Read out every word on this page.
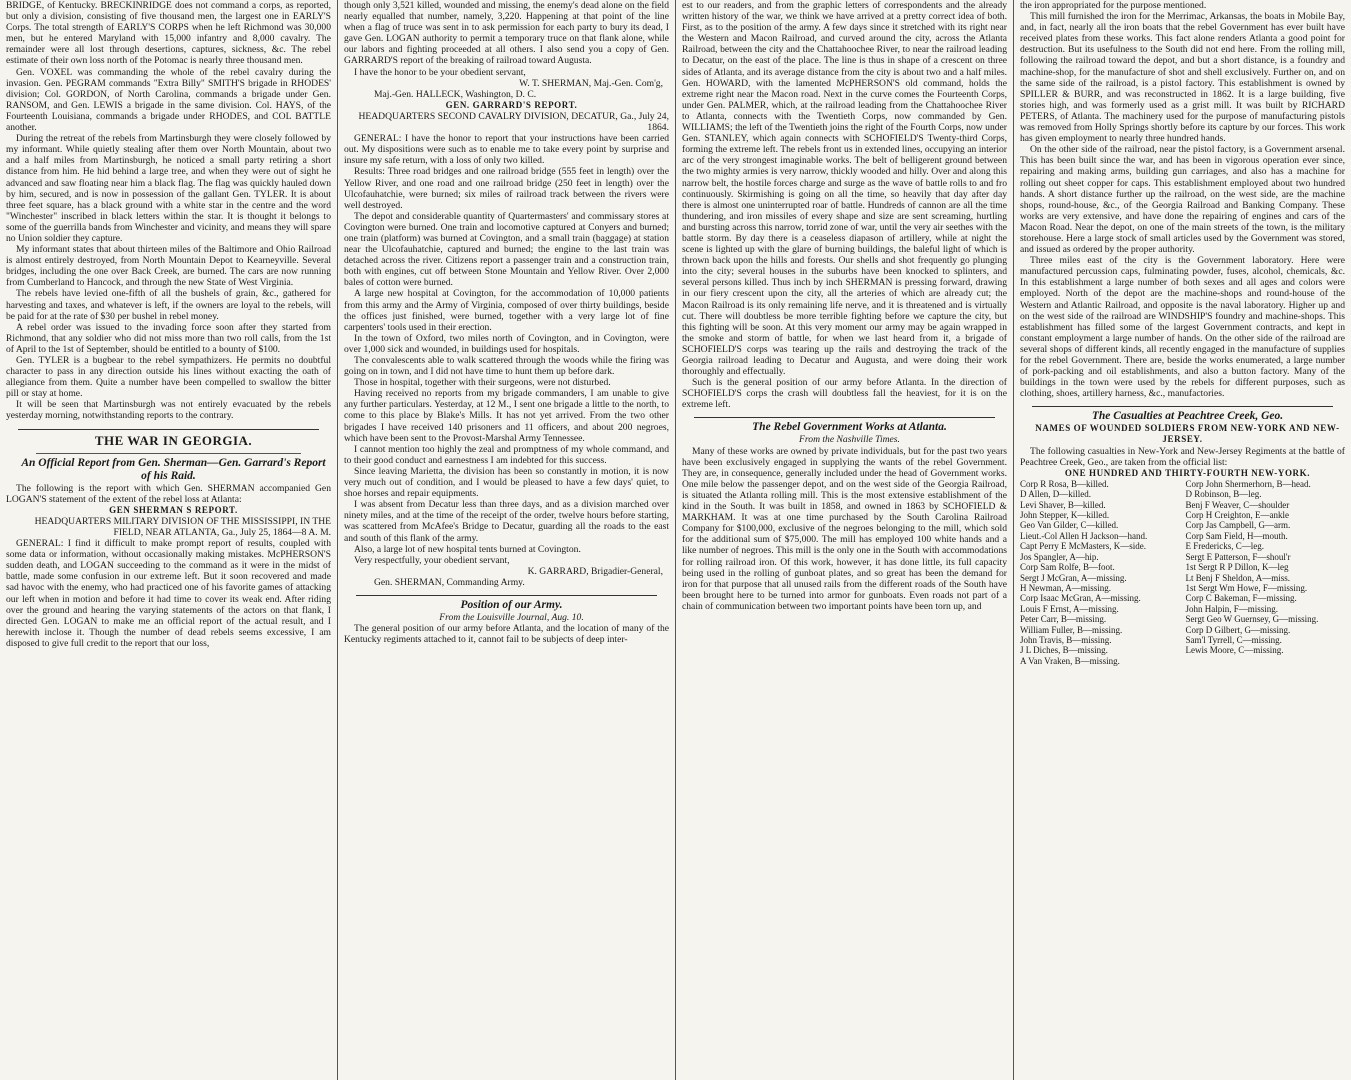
BRIDGE, of Kentucky. BRECKINRIDGE does not command a corps, as reported, but only a division, consisting of five thousand men, the largest one in EARLY'S Corps. The total strength of EARLY'S CORPS when he left Richmond was 30,000 men, but he entered Maryland with 15,000 infantry and 8,000 cavalry. The remainder were all lost through desertions, captures, sickness, &c. The rebel estimate of their own loss north of the Potomac is nearly three thousand men.

Gen. VOXEL was commanding the whole of the rebel cavalry during the invasion. Gen. PEGRAM commands "Extra Billy" SMITH'S brigade in RHODES' division; Col. GORDON, of North Carolina, commands a brigade under Gen. RANSOM, and Gen. LEWIS a brigade in the same division. Col. HAYS, of the Fourteenth Louisiana, commands a brigade under RHODES, and COL BATTLE another.

During the retreat of the rebels from Martinsburgh they were closely followed by my informant. While quietly stealing after them over North Mountain, about two and a half miles from Martinsburgh, he noticed a small party retiring a short distance from him. He hid behind a large tree, and when they were out of sight he advanced and saw floating near him a black flag. The flag was quickly hauled down by him, secured, and is now in possession of the gallant Gen. TYLER. It is about three feet square, has a black ground with a white star in the centre and the word "Winchester" inscribed in black letters within the star. It is thought it belongs to some of the guerrilla bands from Winchester and vicinity, and means they will spare no Union soldier they capture.

My informant states that about thirteen miles of the Baltimore and Ohio Railroad is almost entirely destroyed, from North Mountain Depot to Kearneyville. Several bridges, including the one over Back Creek, are burned. The cars are now running from Cumberland to Hancock, and through the new State of West Virginia.

The rebels have levied one-fifth of all the bushels of grain, &c., gathered for harvesting and taxes, and whatever is left, if the owners are loyal to the rebels, will be paid for at the rate of $30 per bushel in rebel money.

A rebel order was issued to the invading force soon after they started from Richmond, that any soldier who did not miss more than two roll calls, from the 1st of April to the 1st of September, should be entitled to a bounty of $100.

Gen. TYLER is a bugbear to the rebel sympathizers. He permits no doubtful character to pass in any direction outside his lines without exacting the oath of allegiance from them. Quite a number have been compelled to swallow the bitter pill or stay at home.

It will be seen that Martinsburgh was not entirely evacuated by the rebels yesterday morning, notwithstanding reports to the contrary.

THE WAR IN GEORGIA.

An Official Report from Gen. Sherman—Gen. Garrard's Report of his Raid.

The following is the report with which Gen. SHERMAN accompanied Gen LOGAN'S statement of the extent of the rebel loss at Atlanta:

GEN SHERMAN S REPORT.

HEADQUARTERS MILITARY DIVISION OF THE MISSISSIPPI, IN THE FIELD, NEAR ATLANTA, Ga., July 25, 1864—8 A. M.

GENERAL: I find it difficult to make prompt report of results, coupled with some data or information, without occasionally making mistakes. McPHERSON'S sudden death, and LOGAN succeeding to the command as it were in the midst of battle, made some confusion in our extreme left. But it soon recovered and made sad havoc with the enemy, who had practiced one of his favorite games of attacking our left when in motion and before it had time to cover its weak end. After riding over the ground and hearing the varying statements of the actors on that flank, I directed Gen. LOGAN to make me an official report of the actual result, and I herewith inclose it. Though the number of dead rebels seems excessive, I am disposed to give full credit to the report that our loss,

though only 3,521 killed, wounded and missing, the enemy's dead alone on the field nearly equalled that number, namely, 3,220. Happening at that point of the line when a flag of truce was sent in to ask permission for each party to bury its dead, I gave Gen. LOGAN authority to permit a temporary truce on that flank alone, while our labors and fighting proceeded at all others. I also send you a copy of Gen. GARRARD'S report of the breaking of railroad toward Augusta.

I have the honor to be your obedient servant,

W. T. SHERMAN, Maj.-Gen. Com'g,

Maj.-Gen. HALLECK, Washington, D. C.

GEN. GARRARD'S REPORT.

HEADQUARTERS SECOND CAVALRY DIVISION, DECATUR, Ga., July 24, 1864.

GENERAL: I have the honor to report that your instructions have been carried out. My dispositions were such as to enable me to take every point by surprise and insure my safe return, with a loss of only two killed.

Results: Three road bridges and one railroad bridge (555 feet in length) over the Yellow River, and one road and one railroad bridge (250 feet in length) over the Ulcofauhatchie, were burned; six miles of railroad track between the rivers were well destroyed.

The depot and considerable quantity of Quartermasters' and commissary stores at Covington were burned. One train and locomotive captured at Conyers and burned; one train (platform) was burned at Covington, and a small train (baggage) at station near the Ulcofauhatchie, captured and burned; the engine to the last train was detached across the river. Citizens report a passenger train and a construction train, both with engines, cut off between Stone Mountain and Yellow River. Over 2,000 bales of cotton were burned.

A large new hospital at Covington, for the accommodation of 10,000 patients from this army and the Army of Virginia, composed of over thirty buildings, beside the offices just finished, were burned, together with a very large lot of fine carpenters' tools used in their erection.

In the town of Oxford, two miles north of Covington, and in Covington, were over 1,000 sick and wounded, in buildings used for hospitals.

The convalescents able to walk scattered through the woods while the firing was going on in town, and I did not have time to hunt them up before dark.

Those in hospital, together with their surgeons, were not disturbed.

Having received no reports from my brigade commanders, I am unable to give any further particulars. Yesterday, at 12 M., I sent one brigade a little to the north, to come to this place by Blake's Mills. It has not yet arrived. From the two other brigades I have received 140 prisoners and 11 officers, and about 200 negroes, which have been sent to the Provost-Marshal Army Tennessee.

I cannot mention too highly the zeal and promptness of my whole command, and to their good conduct and earnestness I am indebted for this success.

Since leaving Marietta, the division has been so constantly in motion, it is now very much out of condition, and I would be pleased to have a few days' quiet, to shoe horses and repair equipments.

I was absent from Decatur less than three days, and as a division marched over ninety miles, and at the time of the receipt of the order, twelve hours before starting, was scattered from McAfee's Bridge to Decatur, guarding all the roads to the east and south of this flank of the army.

Also, a large lot of new hospital tents burned at Covington.

Very respectfully, your obedient servant,

K. GARRARD, Brigadier-General,

Gen. SHERMAN, Commanding Army.

Position of our Army.

From the Louisville Journal, Aug. 10.

The general position of our army before Atlanta, and the location of many of the Kentucky regiments attached to it, cannot fail to be subjects of deep inter-

est to our readers, and from the graphic letters of correspondents and the already written history of the war, we think we have arrived at a pretty correct idea of both. First, as to the position of the army. A few days since it stretched with its right near the Western and Macon Railroad, and curved around the city, across the Atlanta Railroad, between the city and the Chattahoochee River, to near the railroad leading to Decatur, on the east of the place. The line is thus in shape of a crescent on three sides of Atlanta, and its average distance from the city is about two and a half miles. Gen. HOWARD, with the lamented McPHERSON'S old command, holds the extreme right near the Macon road. Next in the curve comes the Fourteenth Corps, under Gen. PALMER, which, at the railroad leading from the Chattahoochee River to Atlanta, connects with the Twentieth Corps, now commanded by Gen. WILLIAMS; the left of the Twentieth joins the right of the Fourth Corps, now under Gen. STANLEY, which again connects with SCHOFIELD'S Twenty-third Corps, forming the extreme left. The rebels front us in extended lines, occupying an interior arc of the very strongest imaginable works. The belt of belligerent ground between the two mighty armies is very narrow, thickly wooded and hilly. Over and along this narrow belt, the hostile forces charge and surge as the wave of battle rolls to and fro continuously. Skirmishing is going on all the time, so heavily that day after day there is almost one uninterrupted roar of battle. Hundreds of cannon are all the time thundering, and iron missiles of every shape and size are sent screaming, hurtling and bursting across this narrow, torrid zone of war, until the very air seethes with the battle storm. By day there is a ceaseless diapason of artillery, while at night the scene is lighted up with the glare of burning buildings, the baleful light of which is thrown back upon the hills and forests. Our shells and shot frequently go plunging into the city; several houses in the suburbs have been knocked to splinters, and several persons killed. Thus inch by inch SHERMAN is pressing forward, drawing in our fiery crescent upon the city, all the arteries of which are already cut; the Macon Railroad is its only remaining life nerve, and it is threatened and is virtually cut. There will doubtless be more terrible fighting before we capture the city, but this fighting will be soon. At this very moment our army may be again wrapped in the smoke and storm of battle, for when we last heard from it, a brigade of SCHOFIELD'S corps was tearing up the rails and destroying the track of the Georgia railroad leading to Decatur and Augusta, and were doing their work thoroughly and effectually.

Such is the general position of our army before Atlanta. In the direction of SCHOFIELD'S corps the crash will doubtless fall the heaviest, for it is on the extreme left.

The Rebel Government Works at Atlanta.

From the Nashville Times.

Many of these works are owned by private individuals, but for the past two years have been exclusively engaged in supplying the wants of the rebel Government. They are, in consequence, generally included under the head of Government works. One mile below the passenger depot, and on the west side of the Georgia Railroad, is situated the Atlanta rolling mill. This is the most extensive establishment of the kind in the South. It was built in 1858, and owned in 1863 by SCHOFIELD & MARKHAM. It was at one time purchased by the South Carolina Railroad Company for $100,000, exclusive of the negroes belonging to the mill, which sold for the additional sum of $75,000. The mill has employed 100 white hands and a like number of negroes. This mill is the only one in the South with accommodations for rolling railroad iron. Of this work, however, it has done little, its full capacity being used in the rolling of gunboat plates, and so great has been the demand for iron for that purpose that all unused rails from the different roads of the South have been brought here to be turned into armor for gunboats. Even roads not part of a chain of communication between two important points have been torn up, and

the iron appropriated for the purpose mentioned.

This mill furnished the iron for the Merrimac, Arkansas, the boats in Mobile Bay, and, in fact, nearly all the iron boats that the rebel Government has ever built have received plates from these works. This fact alone renders Atlanta a good point for destruction. But its usefulness to the South did not end here. From the rolling mill, following the railroad toward the depot, and but a short distance, is a foundry and machine-shop, for the manufacture of shot and shell exclusively. Further on, and on the same side of the railroad, is a pistol factory. This establishment is owned by SPILLER & BURR, and was reconstructed in 1862. It is a large building, five stories high, and was formerly used as a grist mill. It was built by RICHARD PETERS, of Atlanta. The machinery used for the purpose of manufacturing pistols was removed from Holly Springs shortly before its capture by our forces. This work has given employment to nearly three hundred hands.

On the other side of the railroad, near the pistol factory, is a Government arsenal. This has been built since the war, and has been in vigorous operation ever since, repairing and making arms, building gun carriages, and also has a machine for rolling out sheet copper for caps. This establishment employed about two hundred hands. A short distance further up the railroad, on the west side, are the machine shops, round-house, &c., of the Georgia Railroad and Banking Company. These works are very extensive, and have done the repairing of engines and cars of the Macon Road. Near the depot, on one of the main streets of the town, is the military storehouse. Here a large stock of small articles used by the Government was stored, and issued as ordered by the proper authority.

Three miles east of the city is the Government laboratory. Here were manufactured percussion caps, fulminating powder, fuses, alcohol, chemicals, &c. In this establishment a large number of both sexes and all ages and colors were employed. North of the depot are the machine-shops and round-house of the Western and Atlantic Railroad, and opposite is the naval laboratory. Higher up and on the west side of the railroad are WINDSHIP'S foundry and machine-shops. This establishment has filled some of the largest Government contracts, and kept in constant employment a large number of hands. On the other side of the railroad are several shops of different kinds, all recently engaged in the manufacture of supplies for the rebel Government. There are, beside the works enumerated, a large number of pork-packing and oil establishments, and also a button factory. Many of the buildings in the town were used by the rebels for different purposes, such as clothing, shoes, artillery harness, &c., manufactories.

The Casualties at Peachtree Creek, Geo.

NAMES OF WOUNDED SOLDIERS FROM NEW-YORK AND NEW-JERSEY.

The following casualties in New-York and New-Jersey Regiments at the battle of Peachtree Creek, Geo., are taken from the official list:

ONE HUNDRED AND THIRTY-FOURTH NEW-YORK.

Corp R Rosa, B—killed.
D Allen, D—killed.
Levi Shaver, B—killed.
John Stepper, K—killed.
Geo Van Gilder, C—killed.
Lieut.-Col Allen H Jackson—hand.
Capt Perry E McMasters, K—side.
Jos Spangler, A—hip.
Corp Sam Rolfe, B—foot.
Sergt J McGran, A—missing.
H Newman, A—missing.
Corp Isaac McGran, A—missing.
Louis F Ernst, A—missing.
Peter Carr, B—missing.
William Fuller, B—missing.
John Travis, B—missing.
J L Diches, B—missing.
A Van Vraken, B—missing.
Corp John Shermerhorn, B—head.
D Robinson, B—leg.
Benj F Weaver, C—shoulder
Corp H Creighton, E—ankle
Corp Jas Campbell, G—arm.
Corp Sam Field, H—mouth.
E Fredericks, C—leg.
Sergt E Patterson, F—shoul'r
1st Sergt R P Dillon, K—leg
Lt Benj F Sheldon, A—miss.
1st Sergt Wm Howe, F—missing.
Corp C Bakeman, F—missing.
John Halpin, F—missing.
Sergt Geo W Guernsey, G—missing.
Corp D Gilbert, G—missing.
Sam'l Tyrrell, C—missing.
Lewis Moore, C—missing.
